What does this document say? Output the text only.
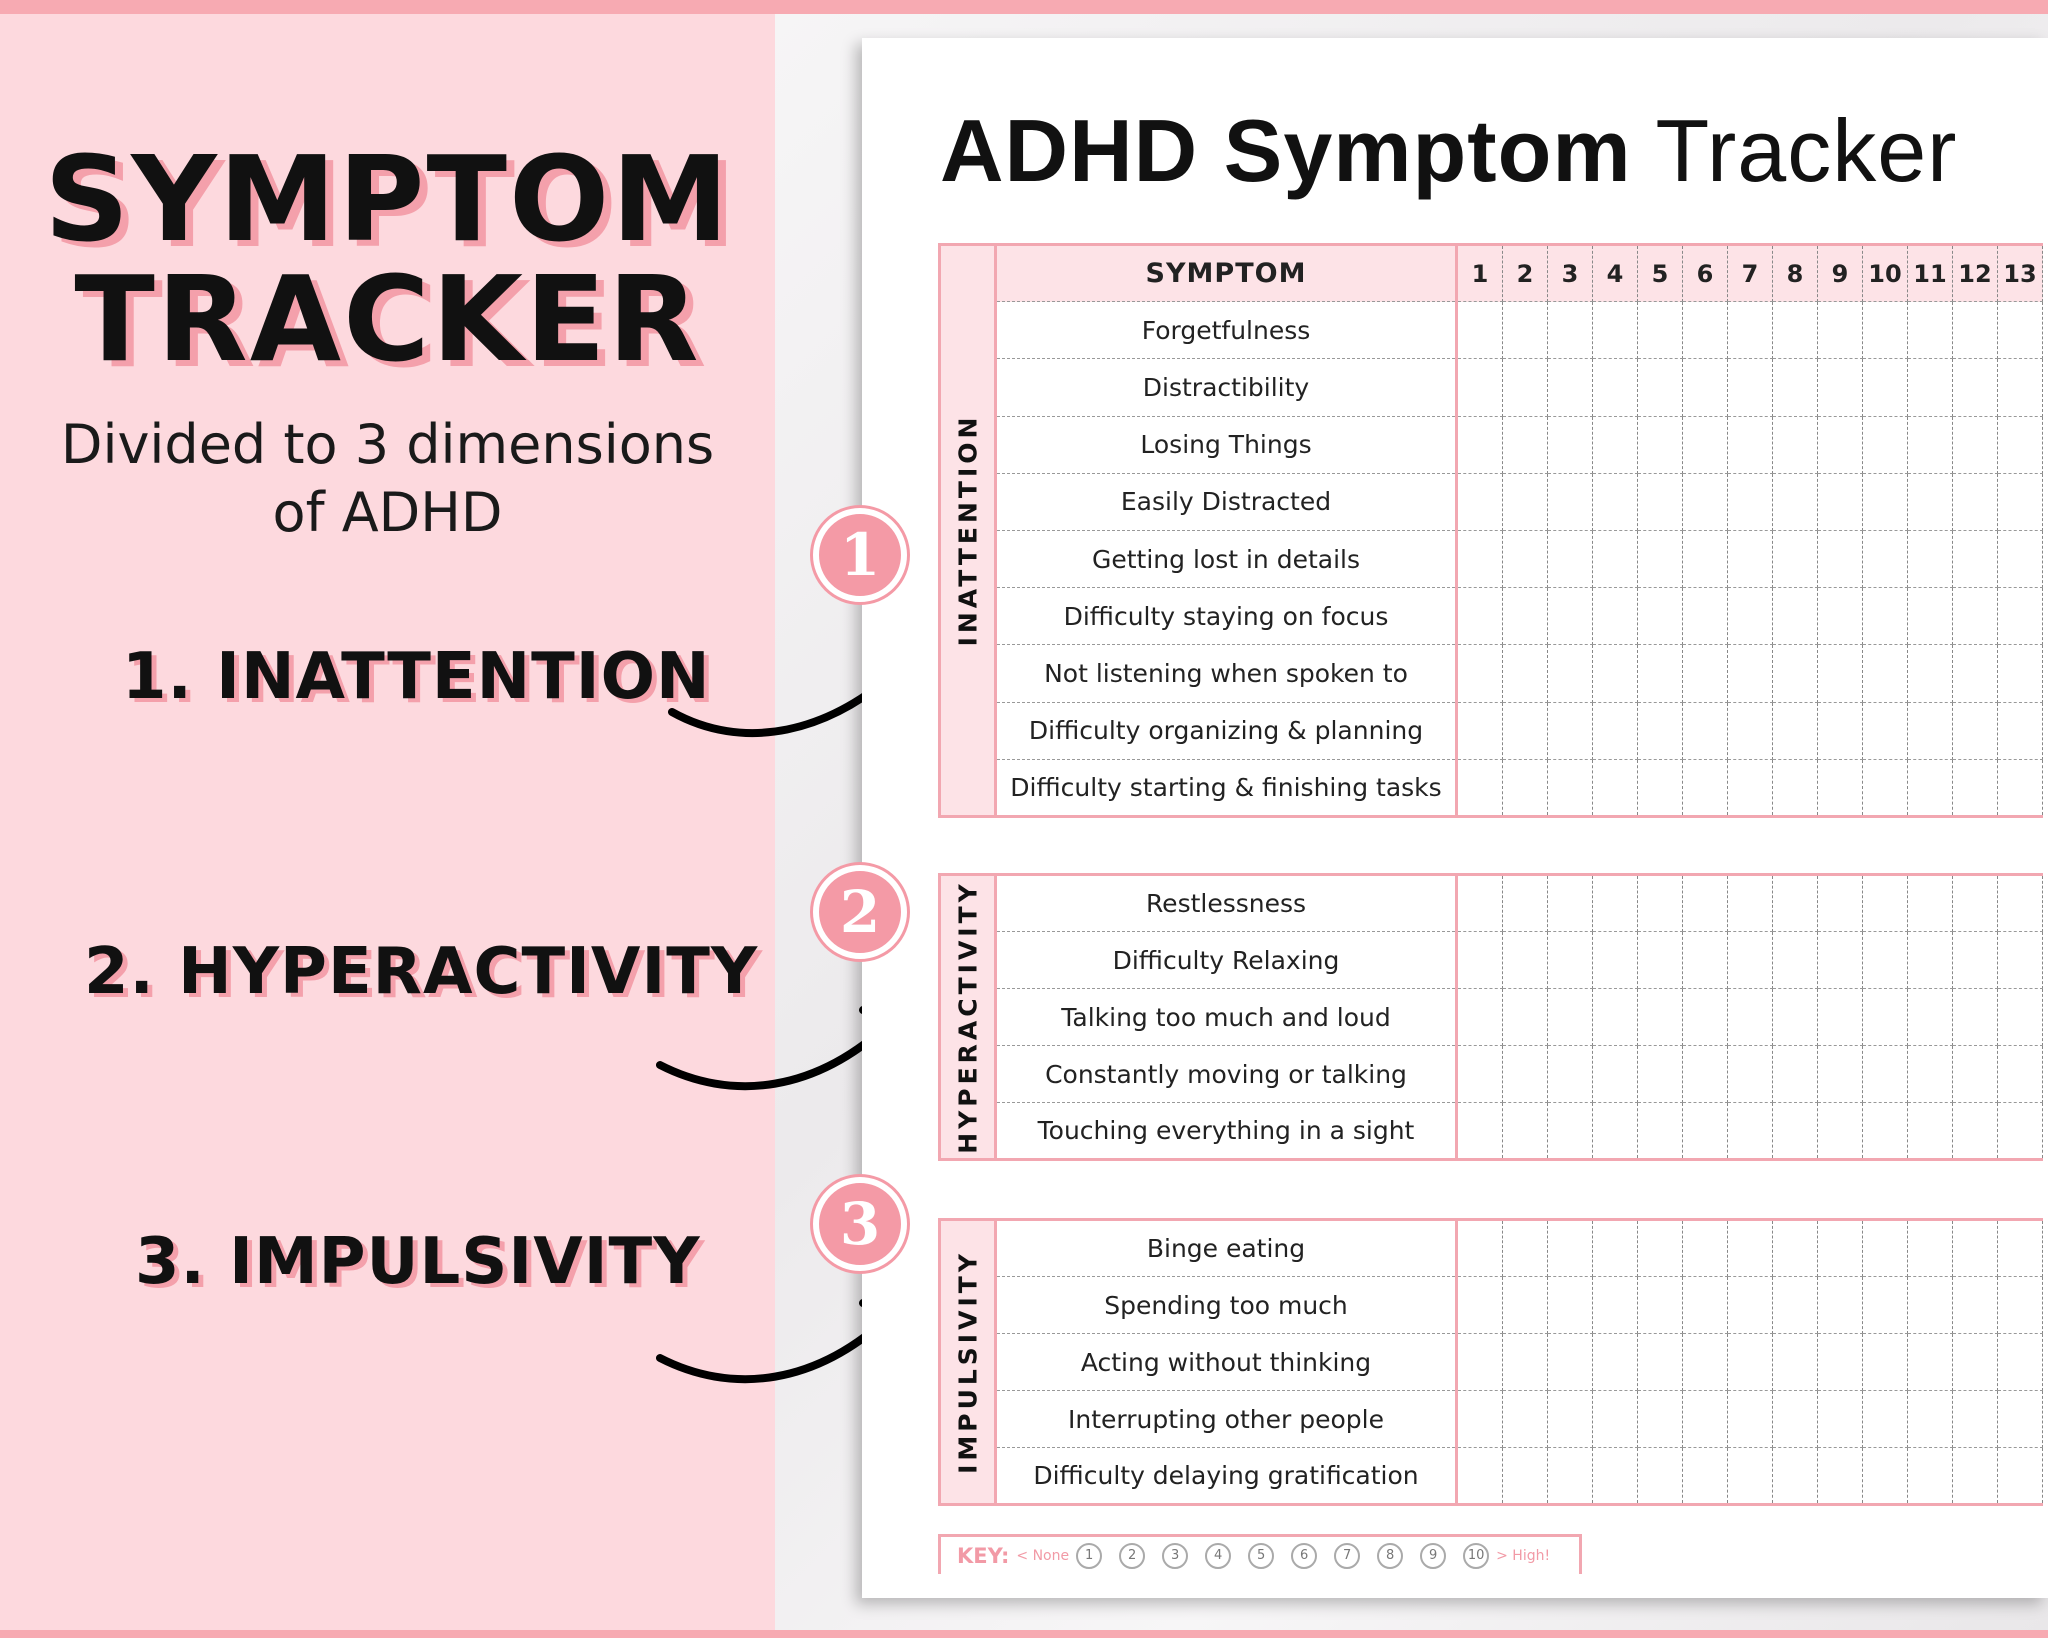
SYMPTOM
TRACKER
Divided to 3 dimensions
of ADHD
1. INATTENTION
2. HYPERACTIVITY
3. IMPULSIVITY
ADHD Symptom Tracker
INATTENTION	SYMPTOM	1	2	3	4	5	6	7	8	9	10	11	12	13
	Forgetfulness													
	Distractibility													
	Losing Things													
	Easily Distracted													
	Getting lost in details													
	Difficulty staying on focus													
	Not listening when spoken to													
	Difficulty organizing & planning													
	Difficulty starting & finishing tasks													
HYPERACTIVITY	Restlessness													
	Difficulty Relaxing													
	Talking too much and loud													
	Constantly moving or talking													
	Touching everything in a sight													
IMPULSIVITY	Binge eating													
	Spending too much													
	Acting without thinking													
	Interrupting other people													
	Difficulty delaying gratification													
KEY: < None	1	2	3	4	5	6	7	8	9	10 > High!
1
2
3
